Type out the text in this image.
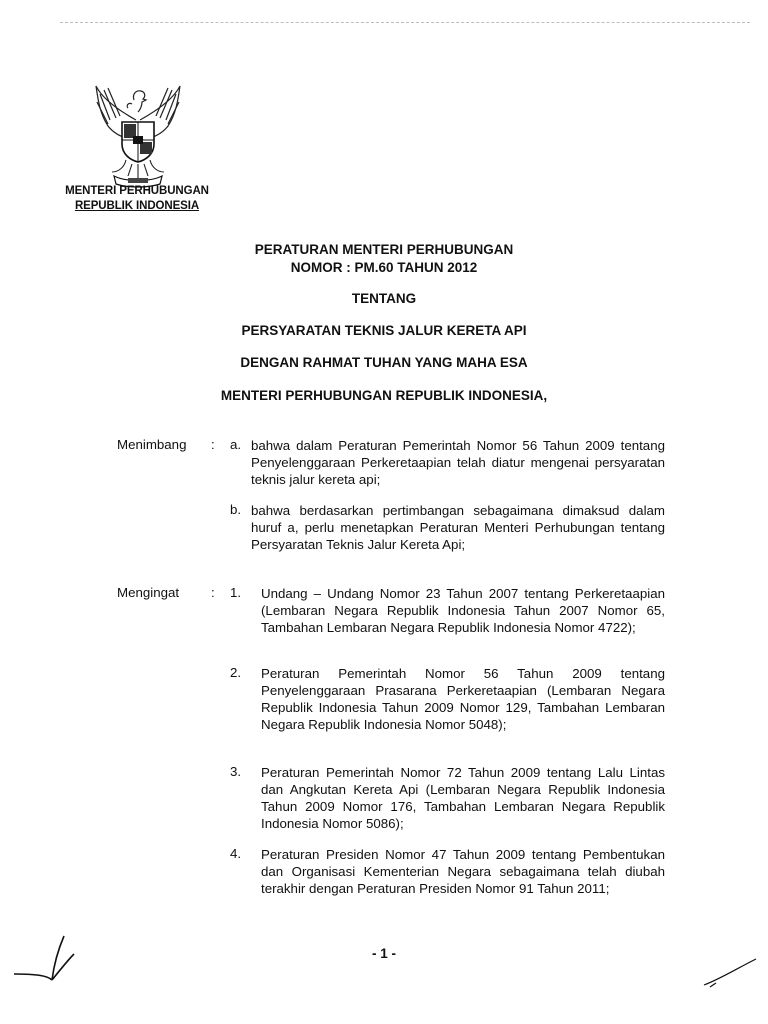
MENTERI PERHUBUNGAN
REPUBLIK INDONESIA
PERATURAN MENTERI PERHUBUNGAN
NOMOR : PM.60 TAHUN 2012
TENTANG
PERSYARATAN TEKNIS JALUR KERETA API
DENGAN RAHMAT TUHAN YANG MAHA ESA
MENTERI PERHUBUNGAN REPUBLIK INDONESIA,
Menimbang : a. bahwa dalam Peraturan Pemerintah Nomor 56 Tahun 2009 tentang Penyelenggaraan Perkeretaapian telah diatur mengenai persyaratan teknis jalur kereta api;
b. bahwa berdasarkan pertimbangan sebagaimana dimaksud dalam huruf a, perlu menetapkan Peraturan Menteri Perhubungan tentang Persyaratan Teknis Jalur Kereta Api;
Mengingat : 1. Undang – Undang Nomor 23 Tahun 2007 tentang Perkeretaapian (Lembaran Negara Republik Indonesia Tahun 2007 Nomor 65, Tambahan Lembaran Negara Republik Indonesia Nomor 4722);
2. Peraturan Pemerintah Nomor 56 Tahun 2009 tentang Penyelenggaraan Prasarana Perkeretaapian (Lembaran Negara Republik Indonesia Tahun 2009 Nomor 129, Tambahan Lembaran Negara Republik Indonesia Nomor 5048);
3. Peraturan Pemerintah Nomor 72 Tahun 2009 tentang Lalu Lintas dan Angkutan Kereta Api (Lembaran Negara Republik Indonesia Tahun 2009 Nomor 176, Tambahan Lembaran Negara Republik Indonesia Nomor 5086);
4. Peraturan Presiden Nomor 47 Tahun 2009 tentang Pembentukan dan Organisasi Kementerian Negara sebagaimana telah diubah terakhir dengan Peraturan Presiden Nomor 91 Tahun 2011;
- 1 -
